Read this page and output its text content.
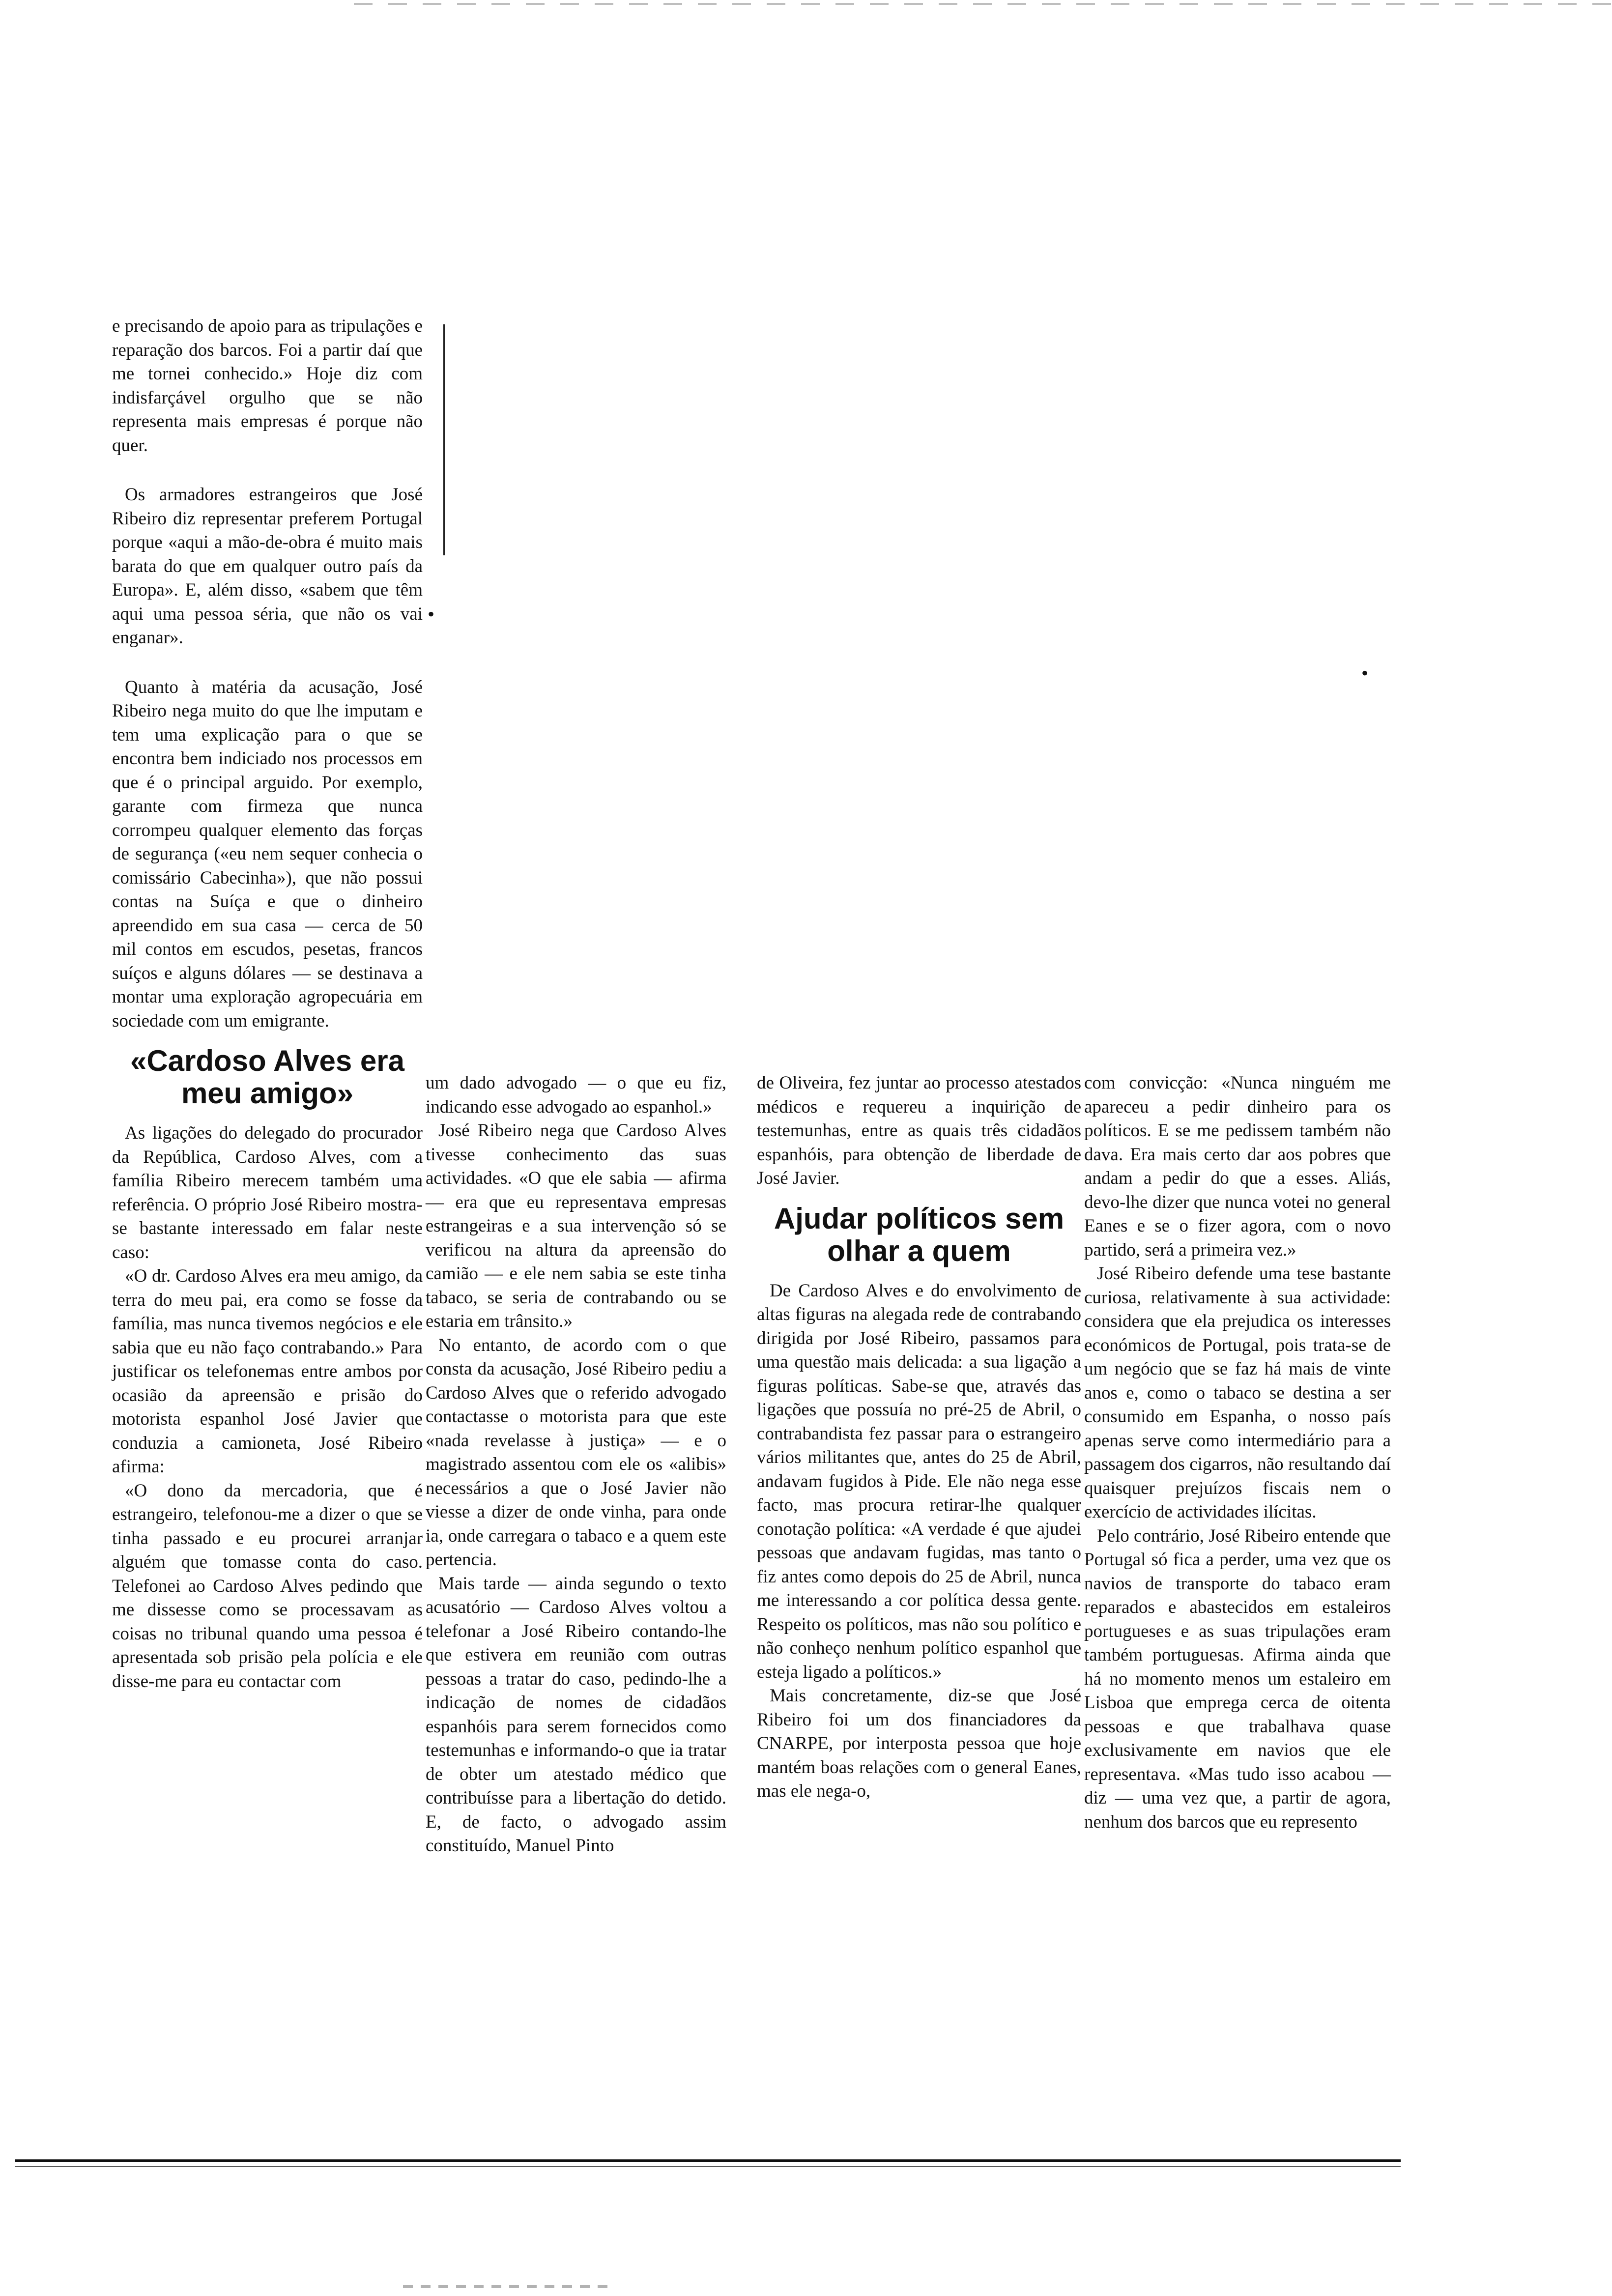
e precisando de apoio para as tripulações e reparação dos barcos. Foi a partir daí que me tornei conhecido.» Hoje diz com indisfarçável orgulho que se não representa mais empresas é porque não quer.

Os armadores estrangeiros que José Ribeiro diz representar preferem Portugal porque «aqui a mão-de-obra é muito mais barata do que em qualquer outro país da Europa». E, além disso, «sabem que têm aqui uma pessoa séria, que não os vai enganar».

Quanto à matéria da acusação, José Ribeiro nega muito do que lhe imputam e tem uma explicação para o que se encontra bem indiciado nos processos em que é o principal arguido. Por exemplo, garante com firmeza que nunca corrompeu qualquer elemento das forças de segurança («eu nem sequer conhecia o comissário Cabecinha»), que não possui contas na Suíça e que o dinheiro apreendido em sua casa — cerca de 50 mil contos em escudos, pesetas, francos suíços e alguns dólares — se destinava a montar uma exploração agropecuária em sociedade com um emigrante.

«Cardoso Alves era meu amigo»

As ligações do delegado do procurador da República, Cardoso Alves, com a família Ribeiro merecem também uma referência. O próprio José Ribeiro mostra-se bastante interessado em falar neste caso:

«O dr. Cardoso Alves era meu amigo, da terra do meu pai, era como se fosse da família, mas nunca tivemos negócios e ele sabia que eu não faço contrabando.» Para justificar os telefonemas entre ambos por ocasião da apreensão e prisão do motorista espanhol José Javier que conduzia a camioneta, José Ribeiro afirma:

«O dono da mercadoria, que é estrangeiro, telefonou-me a dizer o que se tinha passado e eu procurei arranjar alguém que tomasse conta do caso. Telefonei ao Cardoso Alves pedindo que me dissesse como se processavam as coisas no tribunal quando uma pessoa é apresentada sob prisão pela polícia e ele disse-me para eu contactar com

um dado advogado — o que eu fiz, indicando esse advogado ao espanhol.»

José Ribeiro nega que Cardoso Alves tivesse conhecimento das suas actividades. «O que ele sabia — afirma — era que eu representava empresas estrangeiras e a sua intervenção só se verificou na altura da apreensão do camião — e ele nem sabia se este tinha tabaco, se seria de contrabando ou se estaria em trânsito.»

No entanto, de acordo com o que consta da acusação, José Ribeiro pediu a Cardoso Alves que o referido advogado contactasse o motorista para que este «nada revelasse à justiça» — e o magistrado assentou com ele os «alibis» necessários a que o José Javier não viesse a dizer de onde vinha, para onde ia, onde carregara o tabaco e a quem este pertencia.

Mais tarde — ainda segundo o texto acusatório — Cardoso Alves voltou a telefonar a José Ribeiro contando-lhe que estivera em reunião com outras pessoas a tratar do caso, pedindo-lhe a indicação de nomes de cidadãos espanhóis para serem fornecidos como testemunhas e informando-o que ia tratar de obter um atestado médico que contribuísse para a libertação do detido. E, de facto, o advogado assim constituído, Manuel Pinto

de Oliveira, fez juntar ao processo atestados médicos e requereu a inquirição de testemunhas, entre as quais três cidadãos espanhóis, para obtenção de liberdade de José Javier.

Ajudar políticos sem olhar a quem

De Cardoso Alves e do envolvimento de altas figuras na alegada rede de contrabando dirigida por José Ribeiro, passamos para uma questão mais delicada: a sua ligação a figuras políticas. Sabe-se que, através das ligações que possuía no pré-25 de Abril, o contrabandista fez passar para o estrangeiro vários militantes que, antes do 25 de Abril, andavam fugidos à Pide. Ele não nega esse facto, mas procura retirar-lhe qualquer conotação política: «A verdade é que ajudei pessoas que andavam fugidas, mas tanto o fiz antes como depois do 25 de Abril, nunca me interessando a cor política dessa gente. Respeito os políticos, mas não sou político e não conheço nenhum político espanhol que esteja ligado a políticos.»

Mais concretamente, diz-se que José Ribeiro foi um dos financiadores da CNARPE, por interposta pessoa que hoje mantém boas relações com o general Eanes, mas ele nega-o,

com convicção: «Nunca ninguém me apareceu a pedir dinheiro para os políticos. E se me pedissem também não dava. Era mais certo dar aos pobres que andam a pedir do que a esses. Aliás, devo-lhe dizer que nunca votei no general Eanes e se o fizer agora, com o novo partido, será a primeira vez.»

José Ribeiro defende uma tese bastante curiosa, relativamente à sua actividade: considera que ela prejudica os interesses económicos de Portugal, pois trata-se de um negócio que se faz há mais de vinte anos e, como o tabaco se destina a ser consumido em Espanha, o nosso país apenas serve como intermediário para a passagem dos cigarros, não resultando daí quaisquer prejuízos fiscais nem o exercício de actividades ilícitas.

Pelo contrário, José Ribeiro entende que Portugal só fica a perder, uma vez que os navios de transporte do tabaco eram reparados e abastecidos em estaleiros portugueses e as suas tripulações eram também portuguesas. Afirma ainda que há no momento menos um estaleiro em Lisboa que emprega cerca de oitenta pessoas e que trabalhava quase exclusivamente em navios que ele representava. «Mas tudo isso acabou — diz — uma vez que, a partir de agora, nenhum dos barcos que eu represento

•
•
